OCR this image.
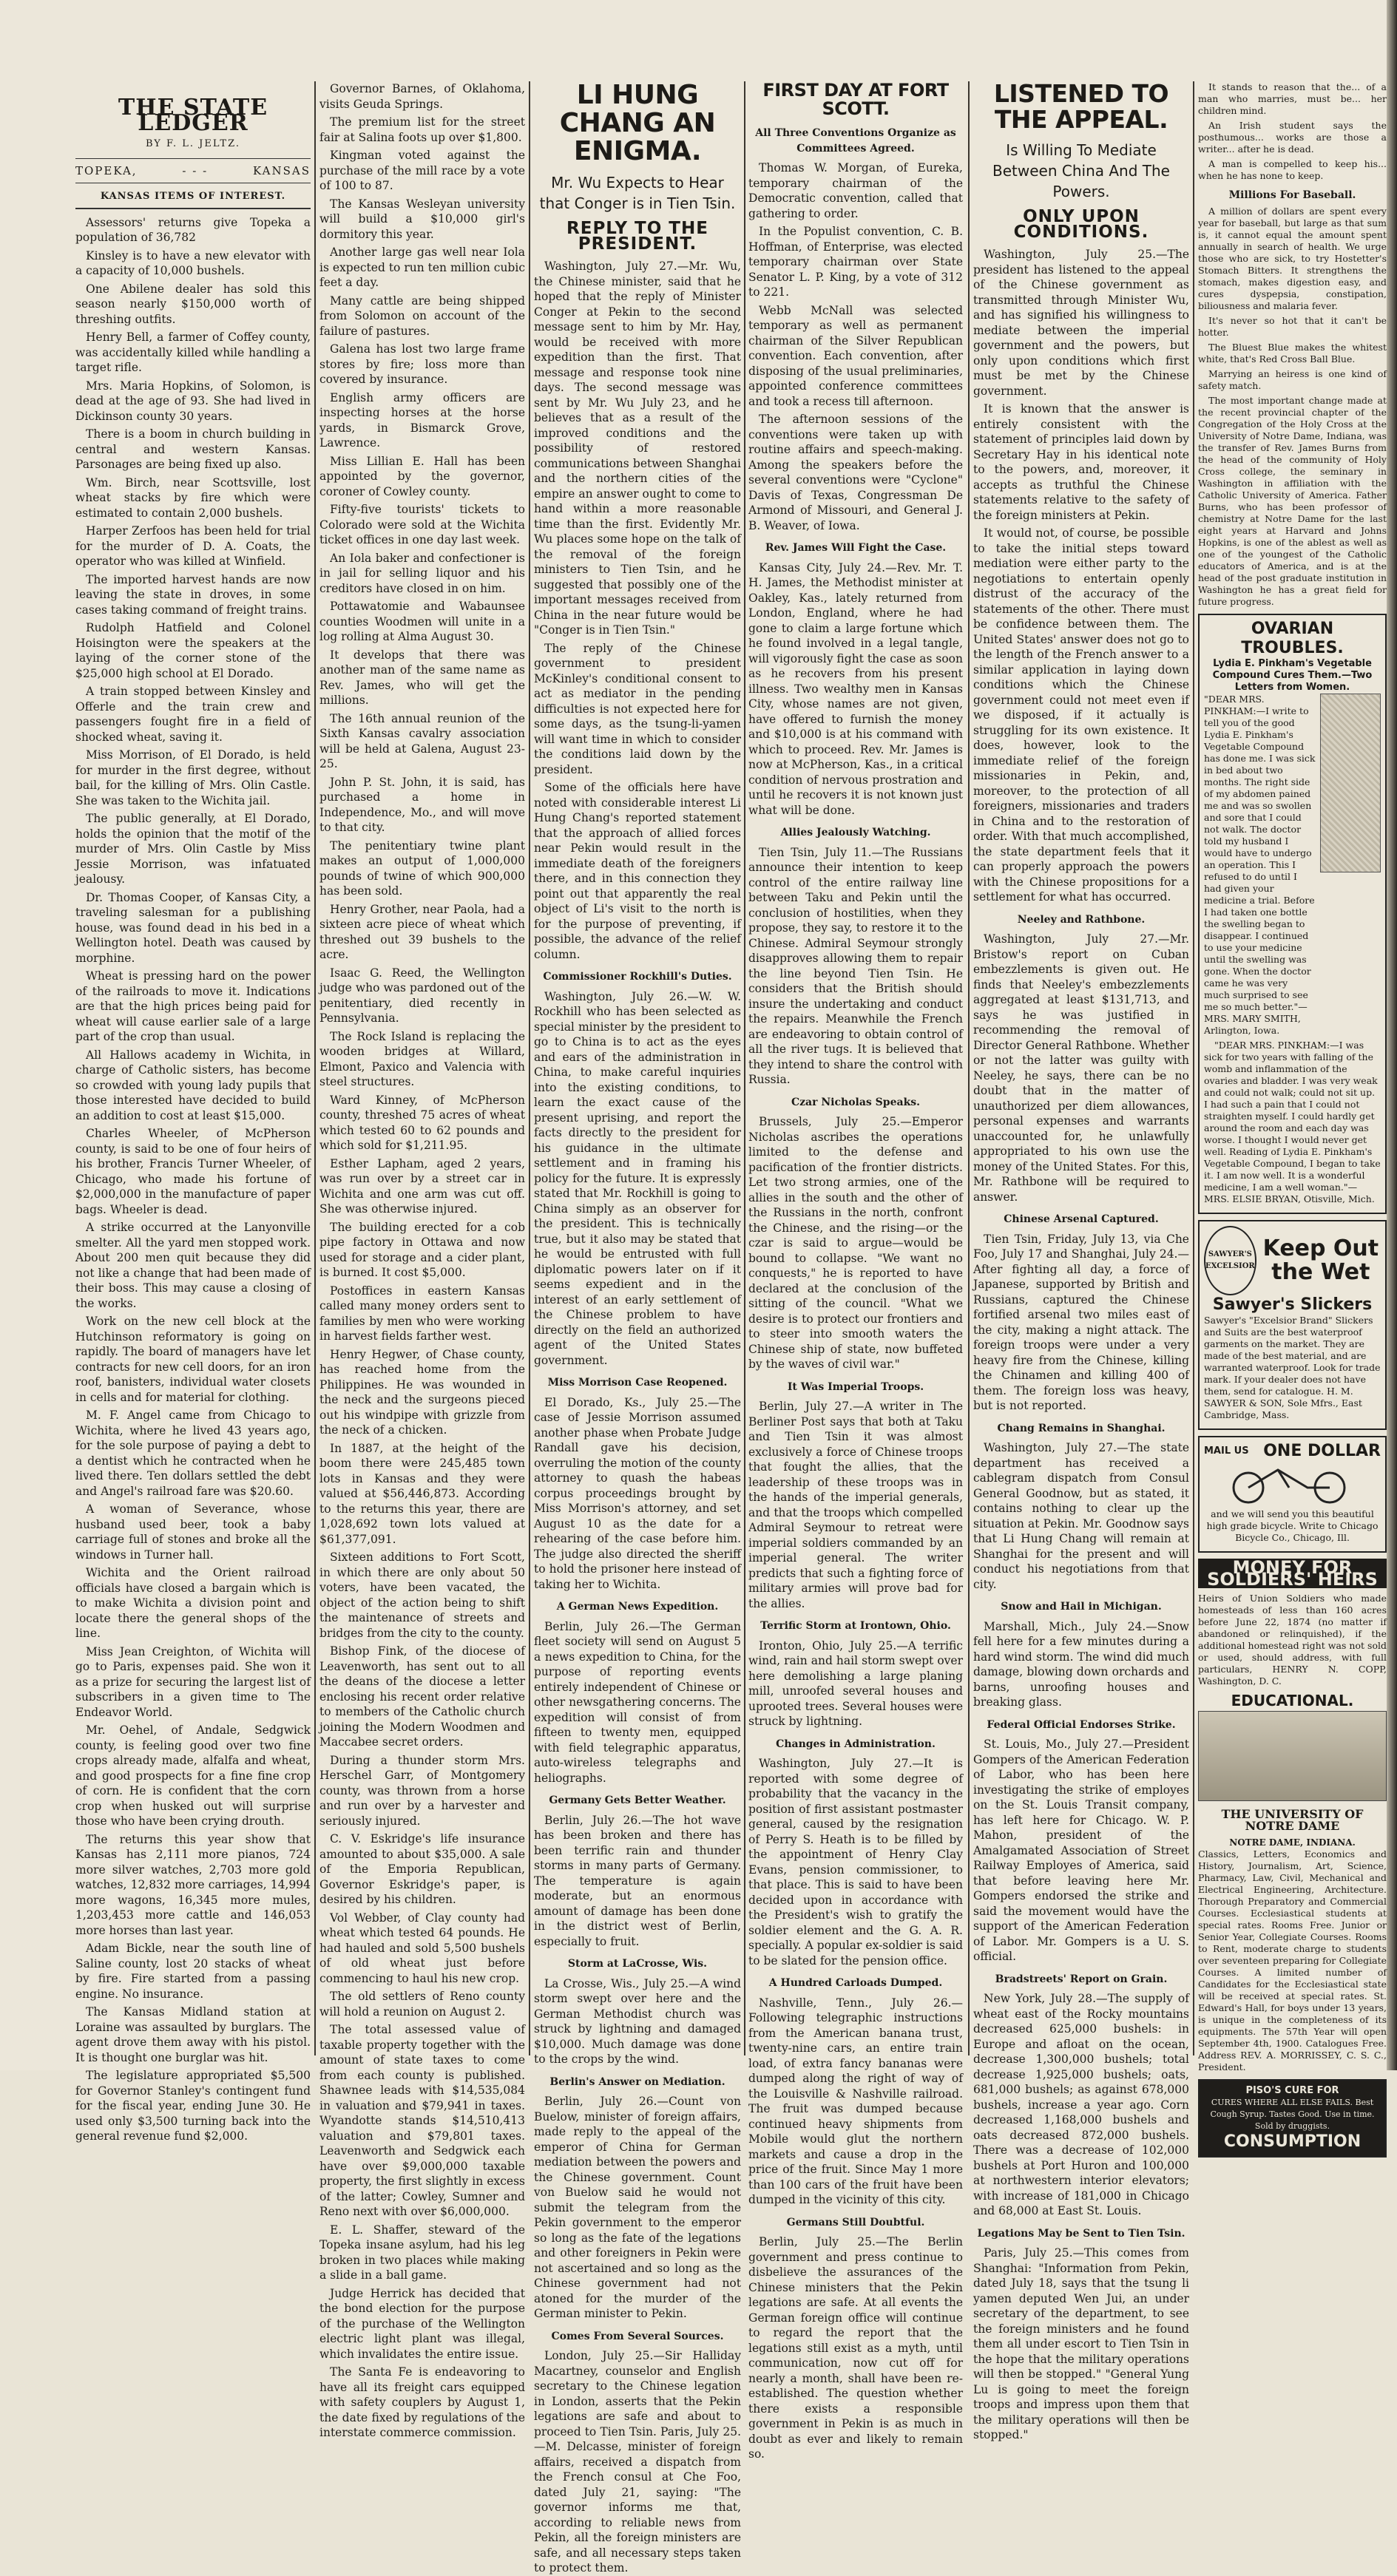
THE STATE LEDGER
BY F. L. JELTZ.
TOPEKA,	- - -	KANSAS
KANSAS ITEMS OF INTEREST.

Assessors' returns give Topeka a population of 36,782

Kinsley is to have a new elevator with a capacity of 10,000 bushels.

One Abilene dealer has sold this season nearly $150,000 worth of threshing outfits.

Henry Bell, a farmer of Coffey county, was accidentally killed while handling a target rifle.

Mrs. Maria Hopkins, of Solomon, is dead at the age of 93. She had lived in Dickinson county 30 years.

There is a boom in church building in central and western Kansas. Parsonages are being fixed up also.

Wm. Birch, near Scottsville, lost wheat stacks by fire which were estimated to contain 2,000 bushels.

Harper Zerfoos has been held for trial for the murder of D. A. Coats, the operator who was killed at Winfield.

The imported harvest hands are now leaving the state in droves, in some cases taking command of freight trains.

Rudolph Hatfield and Colonel Hoisington were the speakers at the laying of the corner stone of the $25,000 high school at El Dorado.

A train stopped between Kinsley and Offerle and the train crew and passengers fought fire in a field of shocked wheat, saving it.

Miss Morrison, of El Dorado, is held for murder in the first degree, without bail, for the killing of Mrs. Olin Castle. She was taken to the Wichita jail.

The public generally, at El Dorado, holds the opinion that the motif of the murder of Mrs. Olin Castle by Miss Jessie Morrison, was infatuated jealousy.

Dr. Thomas Cooper, of Kansas City, a traveling salesman for a publishing house, was found dead in his bed in a Wellington hotel. Death was caused by morphine.

Wheat is pressing hard on the power of the railroads to move it. Indications are that the high prices being paid for wheat will cause earlier sale of a large part of the crop than usual.

All Hallows academy in Wichita, in charge of Catholic sisters, has become so crowded with young lady pupils that those interested have decided to build an addition to cost at least $15,000.

Charles Wheeler, of McPherson county, is said to be one of four heirs of his brother, Francis Turner Wheeler, of Chicago, who made his fortune of $2,000,000 in the manufacture of paper bags. Wheeler is dead.

A strike occurred at the Lanyonville smelter. All the yard men stopped work. About 200 men quit because they did not like a change that had been made of their boss. This may cause a closing of the works.

Work on the new cell block at the Hutchinson reformatory is going on rapidly. The board of managers have let contracts for new cell doors, for an iron roof, banisters, individual water closets in cells and for material for clothing.

M. F. Angel came from Chicago to Wichita, where he lived 43 years ago, for the sole purpose of paying a debt to a dentist which he contracted when he lived there. Ten dollars settled the debt and Angel's railroad fare was $20.60.

A woman of Severance, whose husband used beer, took a baby carriage full of stones and broke all the windows in Turner hall.

Wichita and the Orient railroad officials have closed a bargain which is to make Wichita a division point and locate there the general shops of the line.

Miss Jean Creighton, of Wichita will go to Paris, expenses paid. She won it as a prize for securing the largest list of subscribers in a given time to The Endeavor World.

Mr. Oehel, of Andale, Sedgwick county, is feeling good over two fine crops already made, alfalfa and wheat, and good prospects for a fine fine crop of corn. He is confident that the corn crop when husked out will surprise those who have been crying drouth.

The returns this year show that Kansas has 2,111 more pianos, 724 more silver watches, 2,703 more gold watches, 12,832 more carriages, 14,994 more wagons, 16,345 more mules, 1,203,453 more cattle and 146,053 more horses than last year.

Adam Bickle, near the south line of Saline county, lost 20 stacks of wheat by fire. Fire started from a passing engine. No insurance.

The Kansas Midland station at Loraine was assaulted by burglars. The agent drove them away with his pistol. It is thought one burglar was hit.

The legislature appropriated $5,500 for Governor Stanley's contingent fund for the fiscal year, ending June 30. He used only $3,500 turning back into the general revenue fund $2,000.

Governor Barnes, of Oklahoma, visits Geuda Springs.

The premium list for the street fair at Salina foots up over $1,800.

Kingman voted against the purchase of the mill race by a vote of 100 to 87.

The Kansas Wesleyan university will build a $10,000 girl's dormitory this year.

Another large gas well near Iola is expected to run ten million cubic feet a day.

Many cattle are being shipped from Solomon on account of the failure of pastures.

Galena has lost two large frame stores by fire; loss more than covered by insurance.

English army officers are inspecting horses at the horse yards, in Bismarck Grove, Lawrence.

Miss Lillian E. Hall has been appointed by the governor, coroner of Cowley county.

Fifty-five tourists' tickets to Colorado were sold at the Wichita ticket offices in one day last week.

An Iola baker and confectioner is in jail for selling liquor and his creditors have closed in on him.

Pottawatomie and Wabaunsee counties Woodmen will unite in a log rolling at Alma August 30.

It develops that there was another man of the same name as Rev. James, who will get the millions.

The 16th annual reunion of the Sixth Kansas cavalry association will be held at Galena, August 23-25.

John P. St. John, it is said, has purchased a home in Independence, Mo., and will move to that city.

The penitentiary twine plant makes an output of 1,000,000 pounds of twine of which 900,000 has been sold.

Henry Grother, near Paola, had a sixteen acre piece of wheat which threshed out 39 bushels to the acre.

Isaac G. Reed, the Wellington judge who was pardoned out of the penitentiary, died recently in Pennsylvania.

The Rock Island is replacing the wooden bridges at Willard, Elmont, Paxico and Valencia with steel structures.

Ward Kinney, of McPherson county, threshed 75 acres of wheat which tested 60 to 62 pounds and which sold for $1,211.95.

Esther Lapham, aged 2 years, was run over by a street car in Wichita and one arm was cut off. She was otherwise injured.

The building erected for a cob pipe factory in Ottawa and now used for storage and a cider plant, is burned. It cost $5,000.

Postoffices in eastern Kansas called many money orders sent to families by men who were working in harvest fields farther west.

Henry Hegwer, of Chase county, has reached home from the Philippines. He was wounded in the neck and the surgeons pieced out his windpipe with grizzle from the neck of a chicken.

In 1887, at the height of the boom there were 245,485 town lots in Kansas and they were valued at $56,446,873. According to the returns this year, there are 1,028,692 town lots valued at $61,377,091.

Sixteen additions to Fort Scott, in which there are only about 50 voters, have been vacated, the object of the action being to shift the maintenance of streets and bridges from the city to the county.

Bishop Fink, of the diocese of Leavenworth, has sent out to all the deans of the diocese a letter enclosing his recent order relative to members of the Catholic church joining the Modern Woodmen and Maccabee secret orders.

During a thunder storm Mrs. Herschel Garr, of Montgomery county, was thrown from a horse and run over by a harvester and seriously injured.

C. V. Eskridge's life insurance amounted to about $35,000. A sale of the Emporia Republican, Governor Eskridge's paper, is desired by his children.

Vol Webber, of Clay county had wheat which tested 64 pounds. He had hauled and sold 5,500 bushels of old wheat just before commencing to haul his new crop.

The old settlers of Reno county will hold a reunion on August 2.

The total assessed value of taxable property together with the amount of state taxes to come from each county is published. Shawnee leads with $14,535,084 in valuation and $79,941 in taxes. Wyandotte stands $14,510,413 valuation and $79,801 taxes. Leavenworth and Sedgwick each have over $9,000,000 taxable property, the first slightly in excess of the latter; Cowley, Sumner and Reno next with over $6,000,000.

E. L. Shaffer, steward of the Topeka insane asylum, had his leg broken in two places while making a slide in a ball game.

Judge Herrick has decided that the bond election for the purpose of the purchase of the Wellington electric light plant was illegal, which invalidates the entire issue.

The Santa Fe is endeavoring to have all its freight cars equipped with safety couplers by August 1, the date fixed by regulations of the interstate commerce commission.

LI HUNG CHANG AN ENIGMA.
Mr. Wu Expects to Hear that Conger is in Tien Tsin.
REPLY TO THE PRESIDENT.

Washington, July 27.—Mr. Wu, the Chinese minister, said that he hoped that the reply of Minister Conger at Pekin to the second message sent to him by Mr. Hay, would be received with more expedition than the first. That message and response took nine days. The second message was sent by Mr. Wu July 23, and he believes that as a result of the improved conditions and the possibility of restored communications between Shanghai and the northern cities of the empire an answer ought to come to hand within a more reasonable time than the first. Evidently Mr. Wu places some hope on the talk of the removal of the foreign ministers to Tien Tsin, and he suggested that possibly one of the important messages received from China in the near future would be "Conger is in Tien Tsin."

The reply of the Chinese government to president McKinley's conditional consent to act as mediator in the pending difficulties is not expected here for some days, as the tsung-li-yamen will want time in which to consider the conditions laid down by the president.

Some of the officials here have noted with considerable interest Li Hung Chang's reported statement that the approach of allied forces near Pekin would result in the immediate death of the foreigners there, and in this connection they point out that apparently the real object of Li's visit to the north is for the purpose of preventing, if possible, the advance of the relief column.

Commissioner Rockhill's Duties.

Washington, July 26.—W. W. Rockhill who has been selected as special minister by the president to go to China is to act as the eyes and ears of the administration in China, to make careful inquiries into the existing conditions, to learn the exact cause of the present uprising, and report the facts directly to the president for his guidance in the ultimate settlement and in framing his policy for the future. It is expressly stated that Mr. Rockhill is going to China simply as an observer for the president. This is technically true, but it also may be stated that he would be entrusted with full diplomatic powers later on if it seems expedient and in the interest of an early settlement of the Chinese problem to have directly on the field an authorized agent of the United States government.

Miss Morrison Case Reopened.

El Dorado, Ks., July 25.—The case of Jessie Morrison assumed another phase when Probate Judge Randall gave his decision, overruling the motion of the county attorney to quash the habeas corpus proceedings brought by Miss Morrison's attorney, and set August 10 as the date for a rehearing of the case before him. The judge also directed the sheriff to hold the prisoner here instead of taking her to Wichita.

A German News Expedition.

Berlin, July 26.—The German fleet society will send on August 5 a news expedition to China, for the purpose of reporting events entirely independent of Chinese or other newsgathering concerns. The expedition will consist of from fifteen to twenty men, equipped with field telegraphic apparatus, auto-wireless telegraphs and heliographs.

Germany Gets Better Weather.

Berlin, July 26.—The hot wave has been broken and there has been terrific rain and thunder storms in many parts of Germany. The temperature is again moderate, but an enormous amount of damage has been done in the district west of Berlin, especially to fruit.

Storm at LaCrosse, Wis.

La Crosse, Wis., July 25.—A wind storm swept over here and the German Methodist church was struck by lightning and damaged $10,000. Much damage was done to the crops by the wind.

Berlin's Answer on Mediation.

Berlin, July 26.—Count von Buelow, minister of foreign affairs, made reply to the appeal of the emperor of China for German mediation between the powers and the Chinese government. Count von Buelow said he would not submit the telegram from the Pekin government to the emperor so long as the fate of the legations and other foreigners in Pekin were not ascertained and so long as the Chinese government had not atoned for the murder of the German minister to Pekin.

Comes From Several Sources.

London, July 25.—Sir Halliday Macartney, counselor and English secretary to the Chinese legation in London, asserts that the Pekin legations are safe and about to proceed to Tien Tsin. Paris, July 25.—M. Delcasse, minister of foreign affairs, received a dispatch from the French consul at Che Foo, dated July 21, saying: "The governor informs me that, according to reliable news from Pekin, all the foreign ministers are safe, and all necessary steps taken to protect them.

FIRST DAY AT FORT SCOTT.
All Three Conventions Organize as Committees Agreed.

Thomas W. Morgan, of Eureka, temporary chairman of the Democratic convention, called that gathering to order.

In the Populist convention, C. B. Hoffman, of Enterprise, was elected temporary chairman over State Senator L. P. King, by a vote of 312 to 221.

Webb McNall was selected temporary as well as permanent chairman of the Silver Republican convention. Each convention, after disposing of the usual preliminaries, appointed conference committees and took a recess till afternoon.

The afternoon sessions of the conventions were taken up with routine affairs and speech-making. Among the speakers before the several conventions were "Cyclone" Davis of Texas, Congressman De Armond of Missouri, and General J. B. Weaver, of Iowa.

Rev. James Will Fight the Case.

Kansas City, July 24.—Rev. Mr. T. H. James, the Methodist minister at Oakley, Kas., lately returned from London, England, where he had gone to claim a large fortune which he found involved in a legal tangle, will vigorously fight the case as soon as he recovers from his present illness. Two wealthy men in Kansas City, whose names are not given, have offered to furnish the money and $10,000 is at his command with which to proceed. Rev. Mr. James is now at McPherson, Kas., in a critical condition of nervous prostration and until he recovers it is not known just what will be done.

Allies Jealously Watching.

Tien Tsin, July 11.—The Russians announce their intention to keep control of the entire railway line between Taku and Pekin until the conclusion of hostilities, when they propose, they say, to restore it to the Chinese. Admiral Seymour strongly disapproves allowing them to repair the line beyond Tien Tsin. He considers that the British should insure the undertaking and conduct the repairs. Meanwhile the French are endeavoring to obtain control of all the river tugs. It is believed that they intend to share the control with Russia.

Czar Nicholas Speaks.

Brussels, July 25.—Emperor Nicholas ascribes the operations limited to the defense and pacification of the frontier districts. Let two strong armies, one of the allies in the south and the other of the Russians in the north, confront the Chinese, and the rising—or the czar is said to argue—would be bound to collapse. "We want no conquests," he is reported to have declared at the conclusion of the sitting of the council. "What we desire is to protect our frontiers and to steer into smooth waters the Chinese ship of state, now buffeted by the waves of civil war."

It Was Imperial Troops.

Berlin, July 27.—A writer in The Berliner Post says that both at Taku and Tien Tsin it was almost exclusively a force of Chinese troops that fought the allies, that the leadership of these troops was in the hands of the imperial generals, and that the troops which compelled Admiral Seymour to retreat were imperial soldiers commanded by an imperial general. The writer predicts that such a fighting force of military armies will prove bad for the allies.

Terrific Storm at Irontown, Ohio.

Ironton, Ohio, July 25.—A terrific wind, rain and hail storm swept over here demolishing a large planing mill, unroofed several houses and uprooted trees. Several houses were struck by lightning.

Changes in Administration.

Washington, July 27.—It is reported with some degree of probability that the vacancy in the position of first assistant postmaster general, caused by the resignation of Perry S. Heath is to be filled by the appointment of Henry Clay Evans, pension commissioner, to that place. This is said to have been decided upon in accordance with the President's wish to gratify the soldier element and the G. A. R. specially. A popular ex-soldier is said to be slated for the pension office.

A Hundred Carloads Dumped.

Nashville, Tenn., July 26.—Following telegraphic instructions from the American banana trust, twenty-nine cars, an entire train load, of extra fancy bananas were dumped along the right of way of the Louisville & Nashville railroad. The fruit was dumped because continued heavy shipments from Mobile would glut the northern markets and cause a drop in the price of the fruit. Since May 1 more than 100 cars of the fruit have been dumped in the vicinity of this city.

Germans Still Doubtful.

Berlin, July 25.—The Berlin government and press continue to disbelieve the assurances of the Chinese ministers that the Pekin legations are safe. At all events the German foreign office will continue to regard the report that the legations still exist as a myth, until communication, now cut off for nearly a month, shall have been re-established. The question whether there exists a responsible government in Pekin is as much in doubt as ever and likely to remain so.

LISTENED TO THE APPEAL.
Is Willing To Mediate Between China And The Powers.
ONLY UPON CONDITIONS.

Washington, July 25.—The president has listened to the appeal of the Chinese government as transmitted through Minister Wu, and has signified his willingness to mediate between the imperial government and the powers, but only upon conditions which first must be met by the Chinese government.

It is known that the answer is entirely consistent with the statement of principles laid down by Secretary Hay in his identical note to the powers, and, moreover, it accepts as truthful the Chinese statements relative to the safety of the foreign ministers at Pekin.

It would not, of course, be possible to take the initial steps toward mediation were either party to the negotiations to entertain openly distrust of the accuracy of the statements of the other. There must be confidence between them. The United States' answer does not go to the length of the French answer to a similar application in laying down conditions which the Chinese government could not meet even if we disposed, if it actually is struggling for its own existence. It does, however, look to the immediate relief of the foreign missionaries in Pekin, and, moreover, to the protection of all foreigners, missionaries and traders in China and to the restoration of order. With that much accomplished, the state department feels that it can properly approach the powers with the Chinese propositions for a settlement for what has occurred.

Neeley and Rathbone.

Washington, July 27.—Mr. Bristow's report on Cuban embezzlements is given out. He finds that Neeley's embezzlements aggregated at least $131,713, and says he was justified in recommending the removal of Director General Rathbone. Whether or not the latter was guilty with Neeley, he says, there can be no doubt that in the matter of unauthorized per diem allowances, personal expenses and warrants unaccounted for, he unlawfully appropriated to his own use the money of the United States. For this, Mr. Rathbone will be required to answer.

Chinese Arsenal Captured.

Tien Tsin, Friday, July 13, via Che Foo, July 17 and Shanghai, July 24.—After fighting all day, a force of Japanese, supported by British and Russians, captured the Chinese fortified arsenal two miles east of the city, making a night attack. The foreign troops were under a very heavy fire from the Chinese, killing the Chinamen and killing 400 of them. The foreign loss was heavy, but is not reported.

Chang Remains in Shanghai.

Washington, July 27.—The state department has received a cablegram dispatch from Consul General Goodnow, but as stated, it contains nothing to clear up the situation at Pekin. Mr. Goodnow says that Li Hung Chang will remain at Shanghai for the present and will conduct his negotiations from that city.

Snow and Hail in Michigan.

Marshall, Mich., July 24.—Snow fell here for a few minutes during a hard wind storm. The wind did much damage, blowing down orchards and barns, unroofing houses and breaking glass.

Federal Official Endorses Strike.

St. Louis, Mo., July 27.—President Gompers of the American Federation of Labor, who has been here investigating the strike of employes on the St. Louis Transit company, has left here for Chicago. W. P. Mahon, president of the Amalgamated Association of Street Railway Employes of America, said that before leaving here Mr. Gompers endorsed the strike and said the movement would have the support of the American Federation of Labor. Mr. Gompers is a U. S. official.

Bradstreets' Report on Grain.

New York, July 28.—The supply of wheat east of the Rocky mountains decreased 625,000 bushels: in Europe and afloat on the ocean, decrease 1,300,000 bushels; total decrease 1,925,000 bushels; oats, 681,000 bushels; as against 678,000 bushels, increase a year ago. Corn decreased 1,168,000 bushels and oats decreased 872,000 bushels. There was a decrease of 102,000 bushels at Port Huron and 100,000 at northwestern interior elevators; with increase of 181,000 in Chicago and 68,000 at East St. Louis.

Legations May be Sent to Tien Tsin.

Paris, July 25.—This comes from Shanghai: "Information from Pekin, dated July 18, says that the tsung li yamen deputed Wen Jui, an under secretary of the department, to see the foreign ministers and he found them all under escort to Tien Tsin in the hope that the military operations will then be stopped." "General Yung Lu is going to meet the foreign troops and impress upon them that the military operations will then be stopped."

It stands to reason that the... of a man who marries, must be... her children mind.

An Irish student says the posthumous... works are those a writer... after he is dead.

A man is compelled to keep his... when he has none to keep.

Millions For Baseball.

A million of dollars are spent every year for baseball, but large as that sum is, it cannot equal the amount spent annually in search of health. We urge those who are sick, to try Hostetter's Stomach Bitters. It strengthens the stomach, makes digestion easy, and cures dyspepsia, constipation, biliousness and malaria fever.

It's never so hot that it can't be hotter.

The Bluest Blue makes the whitest white, that's Red Cross Ball Blue.

Marrying an heiress is one kind of safety match.

The most important change made at the recent provincial chapter of the Congregation of the Holy Cross at the University of Notre Dame, Indiana, was the transfer of Rev. James Burns from the head of the community of Holy Cross college, the seminary in Washington in affiliation with the Catholic University of America. Father Burns, who has been professor of chemistry at Notre Dame for the last eight years at Harvard and Johns Hopkins, is one of the ablest as well as one of the youngest of the Catholic educators of America, and is at the head of the post graduate institution in Washington he has a great field for future progress.

OVARIAN TROUBLES.
Lydia E. Pinkham's Vegetable Compound Cures Them.—Two Letters from Women.

"DEAR MRS. PINKHAM:—I write to tell you of the good Lydia E. Pinkham's Vegetable Compound has done me. I was sick in bed about two months. The right side of my abdomen pained me and was so swollen and sore that I could not walk. The doctor told my husband I would have to undergo an operation. This I refused to do until I had given your medicine a trial. Before I had taken one bottle the swelling began to disappear. I continued to use your medicine until the swelling was gone. When the doctor came he was very much surprised to see me so much better."—MRS. MARY SMITH, Arlington, Iowa.

"DEAR MRS. PINKHAM:—I was sick for two years with falling of the womb and inflammation of the ovaries and bladder. I was very weak and could not walk; could not sit up. I had such a pain that I could not straighten myself. I could hardly get around the room and each day was worse. I thought I would never get well. Reading of Lydia E. Pinkham's Vegetable Compound, I began to take it. I am now well. It is a wonderful medicine, I am a well woman."—MRS. ELSIE BRYAN, Otisville, Mich.

SAWYER'S EXCELSIOR
Keep Out the Wet
Sawyer's Slickers

Sawyer's "Excelsior Brand" Slickers and Suits are the best waterproof garments on the market. They are made of the best material, and are warranted waterproof. Look for trade mark. If your dealer does not have them, send for catalogue. H. M. SAWYER & SON, Sole Mfrs., East Cambridge, Mass.

MAIL US ONE DOLLAR

and we will send you this beautiful high grade bicycle. Write to Chicago Bicycle Co., Chicago, Ill.

MONEY FOR SOLDIERS' HEIRS

Heirs of Union Soldiers who made homesteads of less than 160 acres before June 22, 1874 (no matter if abandoned or relinquished), if the additional homestead right was not sold or used, should address, with full particulars, HENRY N. COPP, Washington, D. C.

EDUCATIONAL.
THE UNIVERSITY OF NOTRE DAME
NOTRE DAME, INDIANA.

Classics, Letters, Economics and History, Journalism, Art, Science, Pharmacy, Law, Civil, Mechanical and Electrical Engineering, Architecture. Thorough Preparatory and Commercial Courses. Ecclesiastical students at special rates. Rooms Free. Junior or Senior Year, Collegiate Courses. Rooms to Rent, moderate charge to students over seventeen preparing for Collegiate Courses. A limited number of Candidates for the Ecclesiastical state will be received at special rates. St. Edward's Hall, for boys under 13 years, is unique in the completeness of its equipments. The 57th Year will open September 4th, 1900. Catalogues Free. Address REV. A. MORRISSEY, C. S. C., President.

PISO'S CURE FOR
CURES WHERE ALL ELSE FAILS. Best Cough Syrup. Tastes Good. Use in time. Sold by druggists.
CONSUMPTION
